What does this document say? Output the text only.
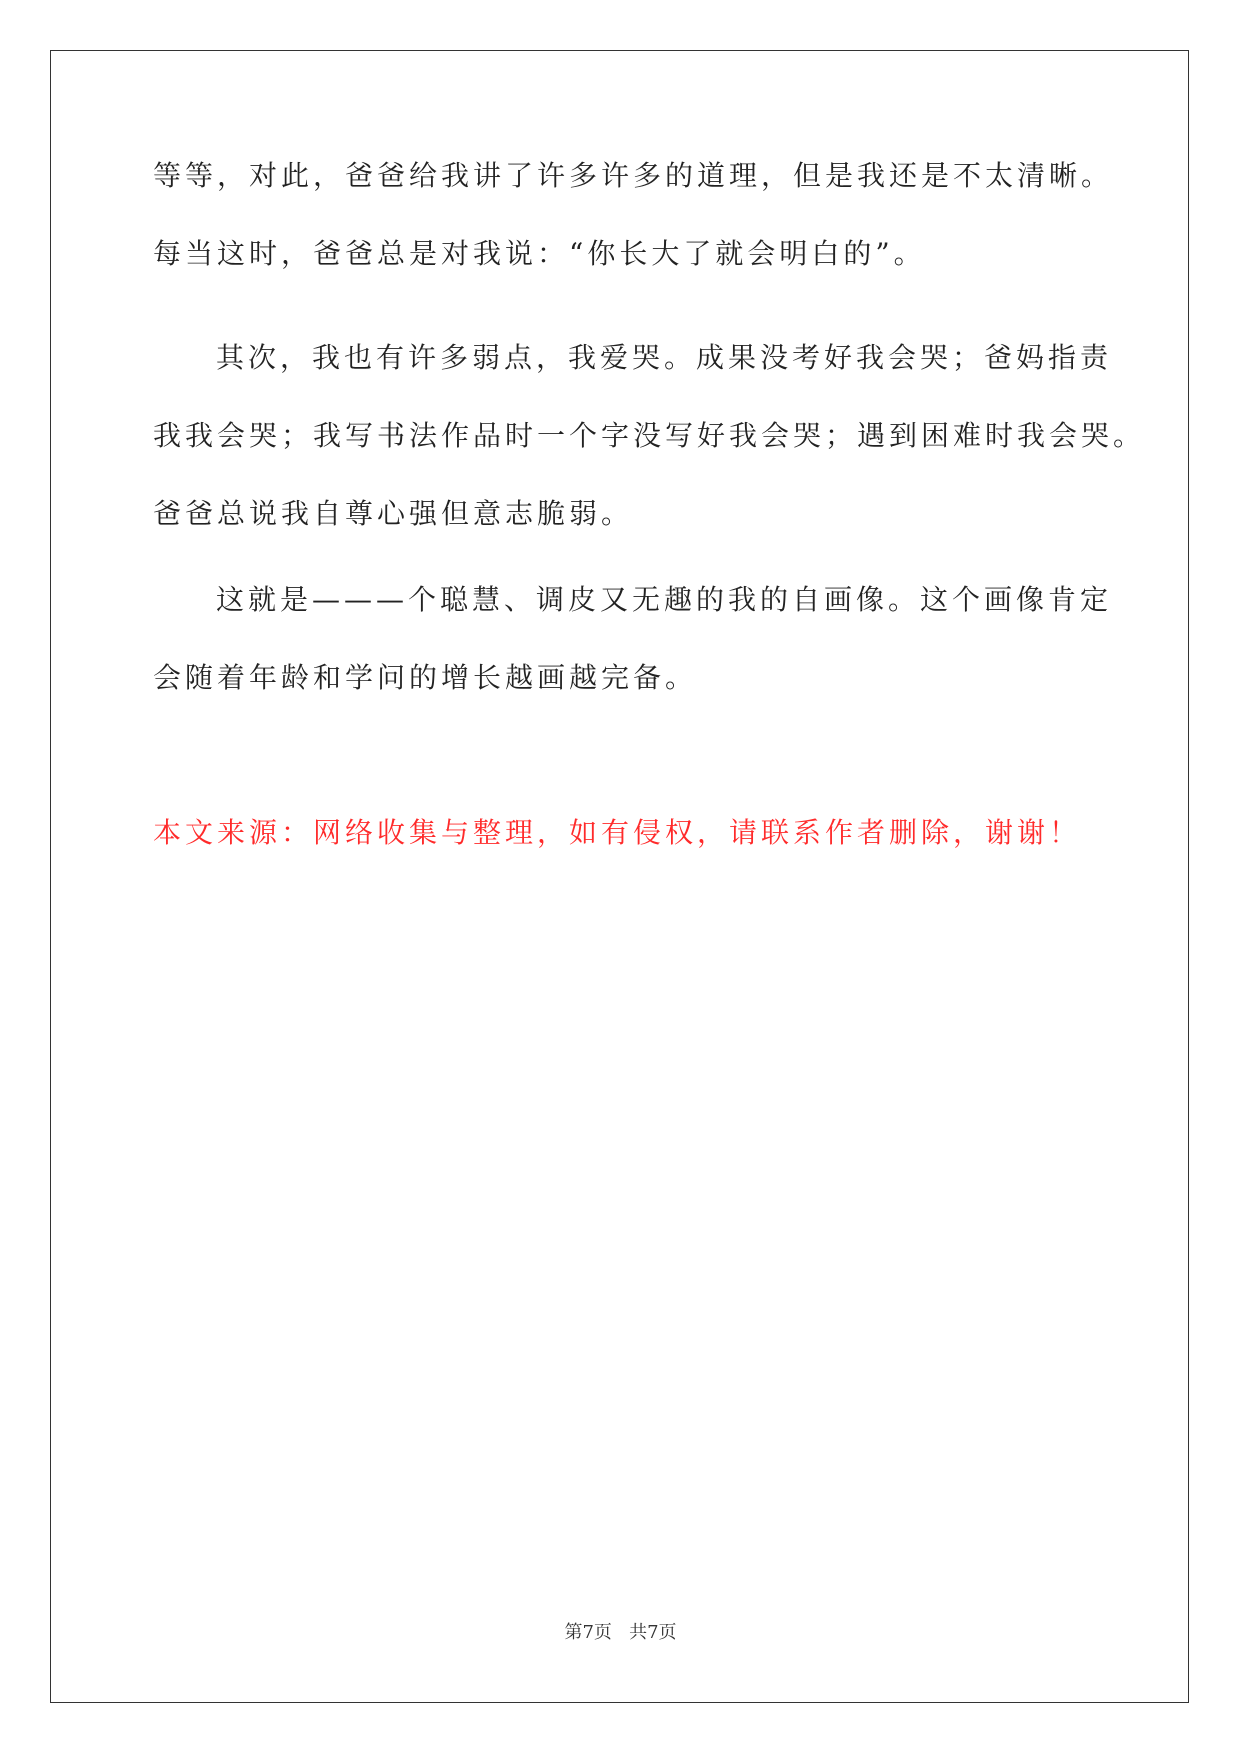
等等，对此，爸爸给我讲了许多许多的道理，但是我还是不太清晰。
每当这时，爸爸总是对我说：“你长大了就会明白的”。
其次，我也有许多弱点，我爱哭。成果没考好我会哭；爸妈指责
我我会哭；我写书法作品时一个字没写好我会哭；遇到困难时我会哭。
爸爸总说我自尊心强但意志脆弱。
这就是———个聪慧、调皮又无趣的我的自画像。这个画像肯定
会随着年龄和学问的增长越画越完备。
本文来源：网络收集与整理，如有侵权，请联系作者删除，谢谢！
第7页   共7页
